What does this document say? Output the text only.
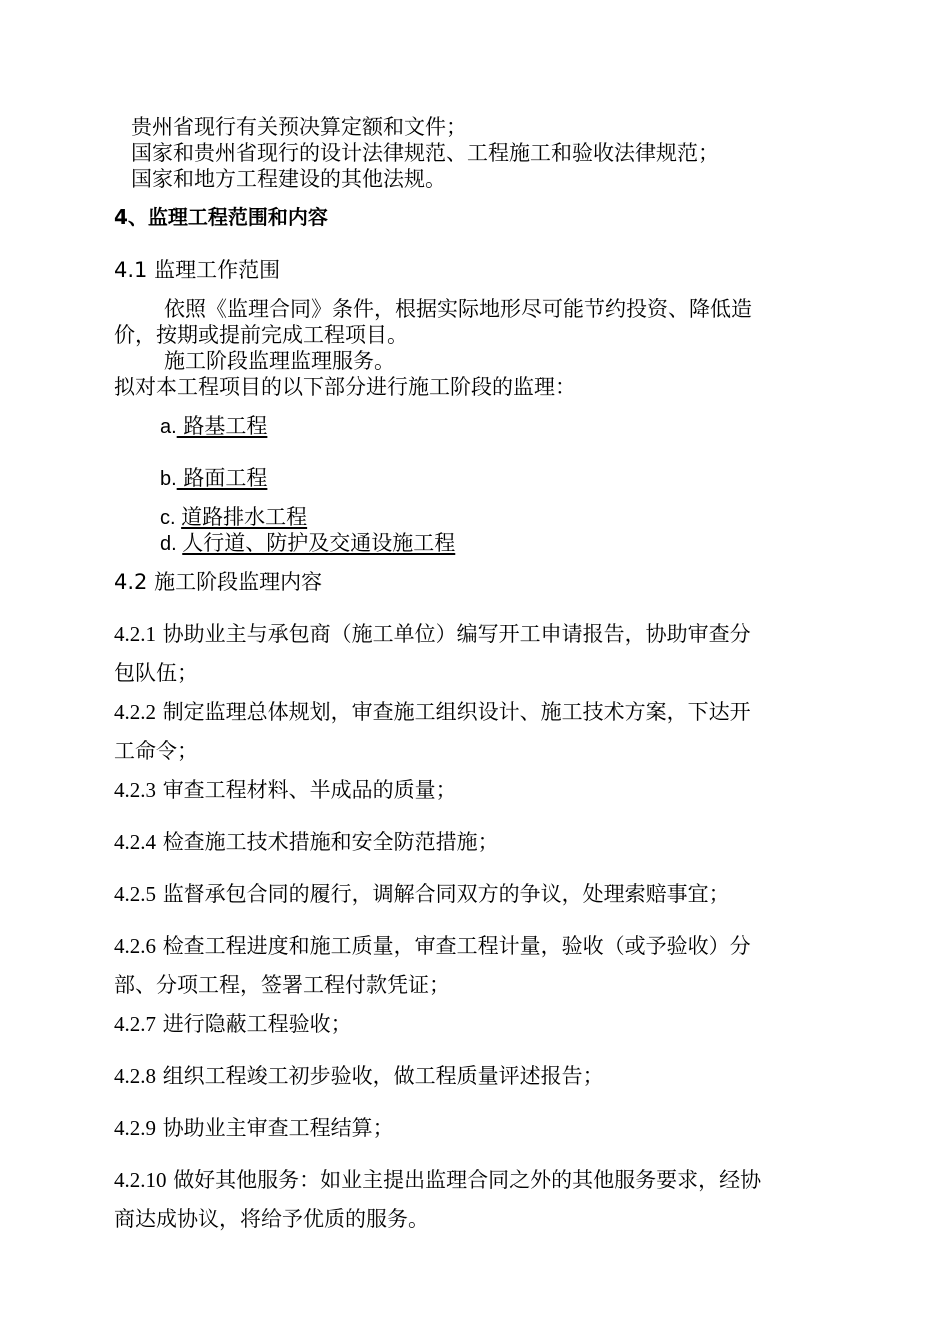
贵州省现行有关预决算定额和文件；
国家和贵州省现行的设计法律规范、工程施工和验收法律规范；
国家和地方工程建设的其他法规。
4、监理工程范围和内容
4.1 监理工作范围
依照《监理合同》条件，根据实际地形尽可能节约投资、降低造
价，按期或提前完成工程项目。
施工阶段监理监理服务。
拟对本工程项目的以下部分进行施工阶段的监理：
a. 路基工程
b. 路面工程
c. 道路排水工程
d. 人行道、防护及交通设施工程
4.2 施工阶段监理内容
4.2.1 协助业主与承包商（施工单位）编写开工申请报告，协助审查分
包队伍；
4.2.2 制定监理总体规划，审查施工组织设计、施工技术方案，下达开
工命令；
4.2.3 审查工程材料、半成品的质量；
4.2.4 检查施工技术措施和安全防范措施；
4.2.5 监督承包合同的履行，调解合同双方的争议，处理索赔事宜；
4.2.6 检查工程进度和施工质量，审查工程计量，验收（或予验收）分
部、分项工程，签署工程付款凭证；
4.2.7 进行隐蔽工程验收；
4.2.8 组织工程竣工初步验收，做工程质量评述报告；
4.2.9 协助业主审查工程结算；
4.2.10 做好其他服务：如业主提出监理合同之外的其他服务要求，经协
商达成协议，将给予优质的服务。
